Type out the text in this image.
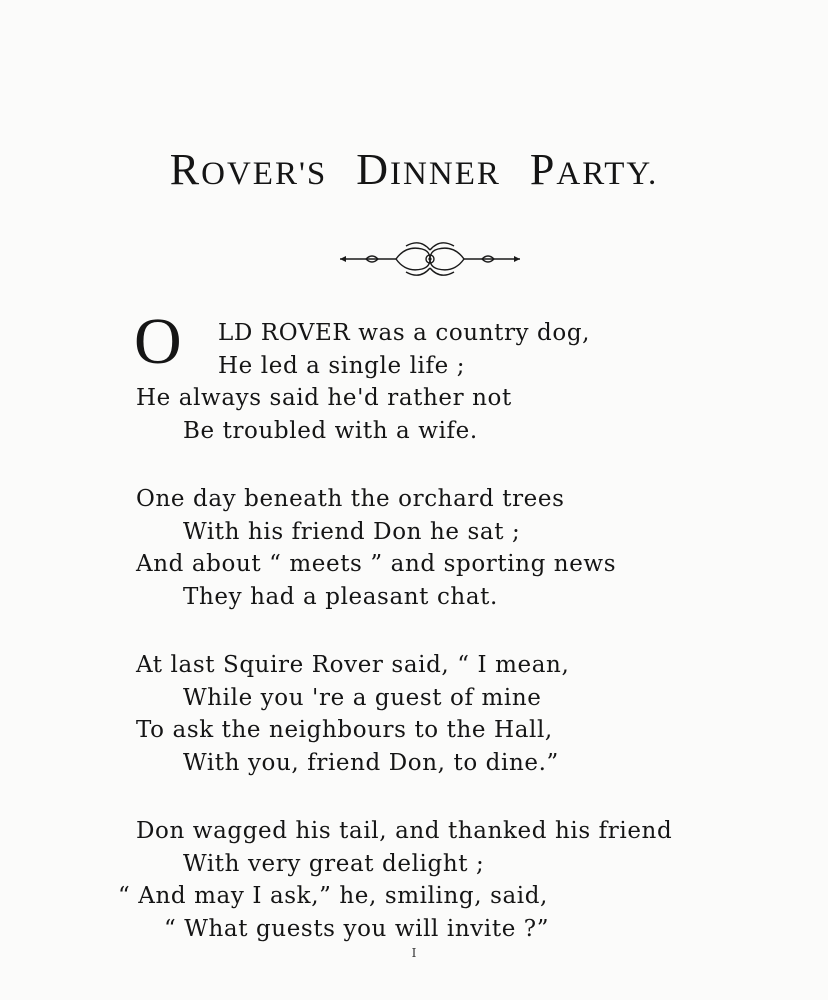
ROVER'S DINNER PARTY.
O LD ROVER was a country dog,
He led a single life ;
He always said he'd rather not
Be troubled with a wife.
One day beneath the orchard trees
With his friend Don he sat ;
And about “ meets ” and sporting news
They had a pleasant chat.
At last Squire Rover said, “ I mean,
While you 're a guest of mine
To ask the neighbours to the Hall,
With you, friend Don, to dine.”
Don wagged his tail, and thanked his friend
With very great delight ;
“ And may I ask,” he, smiling, said,
“ What guests you will invite ?”
I
